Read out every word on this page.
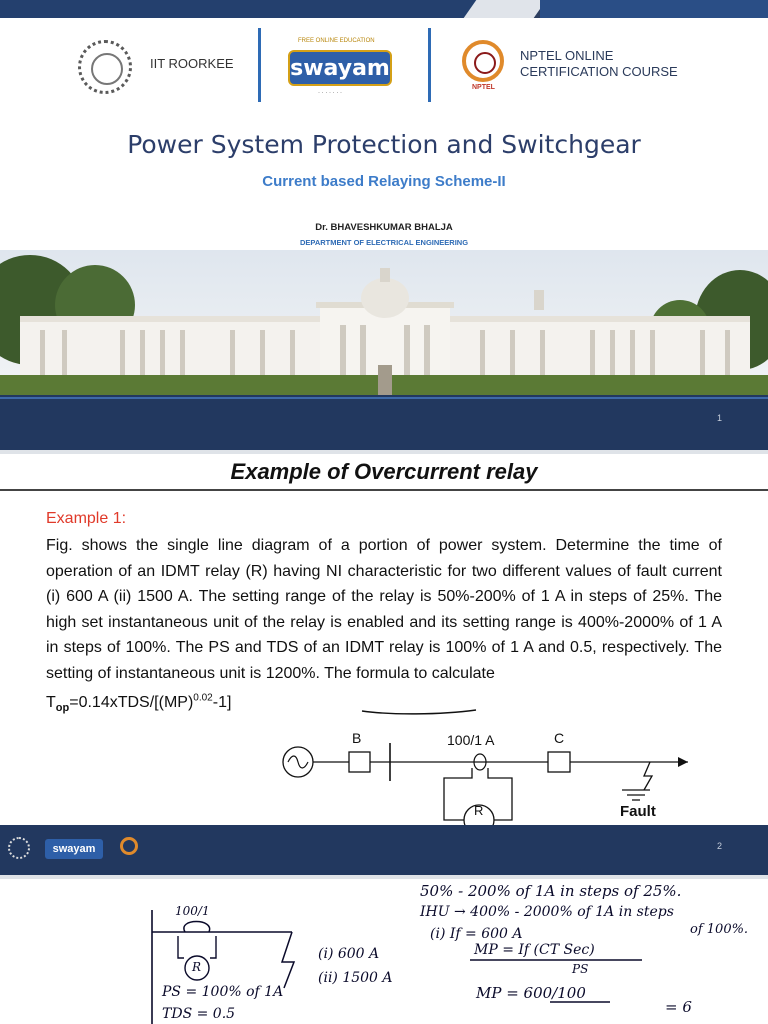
IIT ROORKEE
FREE ONLINE EDUCATION
swayam
· · · · · · ·
NPTEL
NPTEL ONLINE
CERTIFICATION COURSE
Power System Protection and Switchgear
Current based Relaying Scheme-II
Dr. BHAVESHKUMAR BHALJA
DEPARTMENT OF ELECTRICAL ENGINEERING
1
Example of Overcurrent relay
Example 1:
Fig. shows the single line diagram of a portion of power system. Determine the time of operation of an IDMT relay (R) having NI characteristic for two different values of fault current (i) 600 A (ii) 1500 A. The setting range of the relay is 50%-200% of 1 A in steps of 25%. The high set instantaneous unit of the relay is enabled and its setting range is 400%-2000% of 1 A in steps of 100%. The PS and TDS of an IDMT relay is 100% of 1 A and 0.5, respectively. The setting of instantaneous unit is 1200%. The formula to calculate
$T_{op}=0.14xTDS/[(MP)^{0.02}-1]$
B	100/1 A	C
R	Fault
swayam	2
50% - 200% of 1A in steps of 25%.
IHU → 400% - 2000% of 1A in steps
of 100%.
(i) If = 600 A
MP = If (CT Sec)
PS
MP = 600/100
= 6
100/1
R
(i) 600 A
(ii) 1500 A
PS = 100% of 1A
TDS = 0.5
